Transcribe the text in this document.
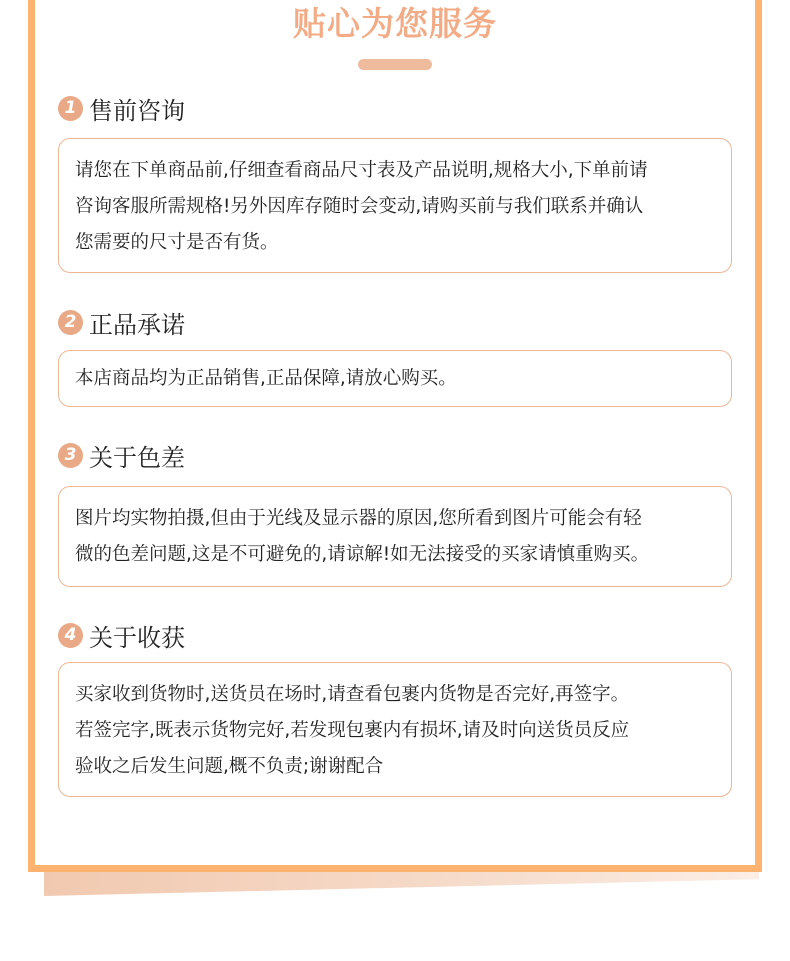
贴心为您服务
1 售前咨询

请您在下单商品前,仔细查看商品尺寸表及产品说明,规格大小,下单前请

咨询客服所需规格!另外因库存随时会变动,请购买前与我们联系并确认

您需要的尺寸是否有货。

2 正品承诺

本店商品均为正品销售,正品保障,请放心购买。

3 关于色差

图片均实物拍摄,但由于光线及显示器的原因,您所看到图片可能会有轻

微的色差问题,这是不可避免的,请谅解!如无法接受的买家请慎重购买。

4 关于收获

买家收到货物时,送货员在场时,请查看包裹内货物是否完好,再签字。

若签完字,既表示货物完好,若发现包裹内有损坏,请及时向送货员反应

验收之后发生问题,概不负责;谢谢配合
